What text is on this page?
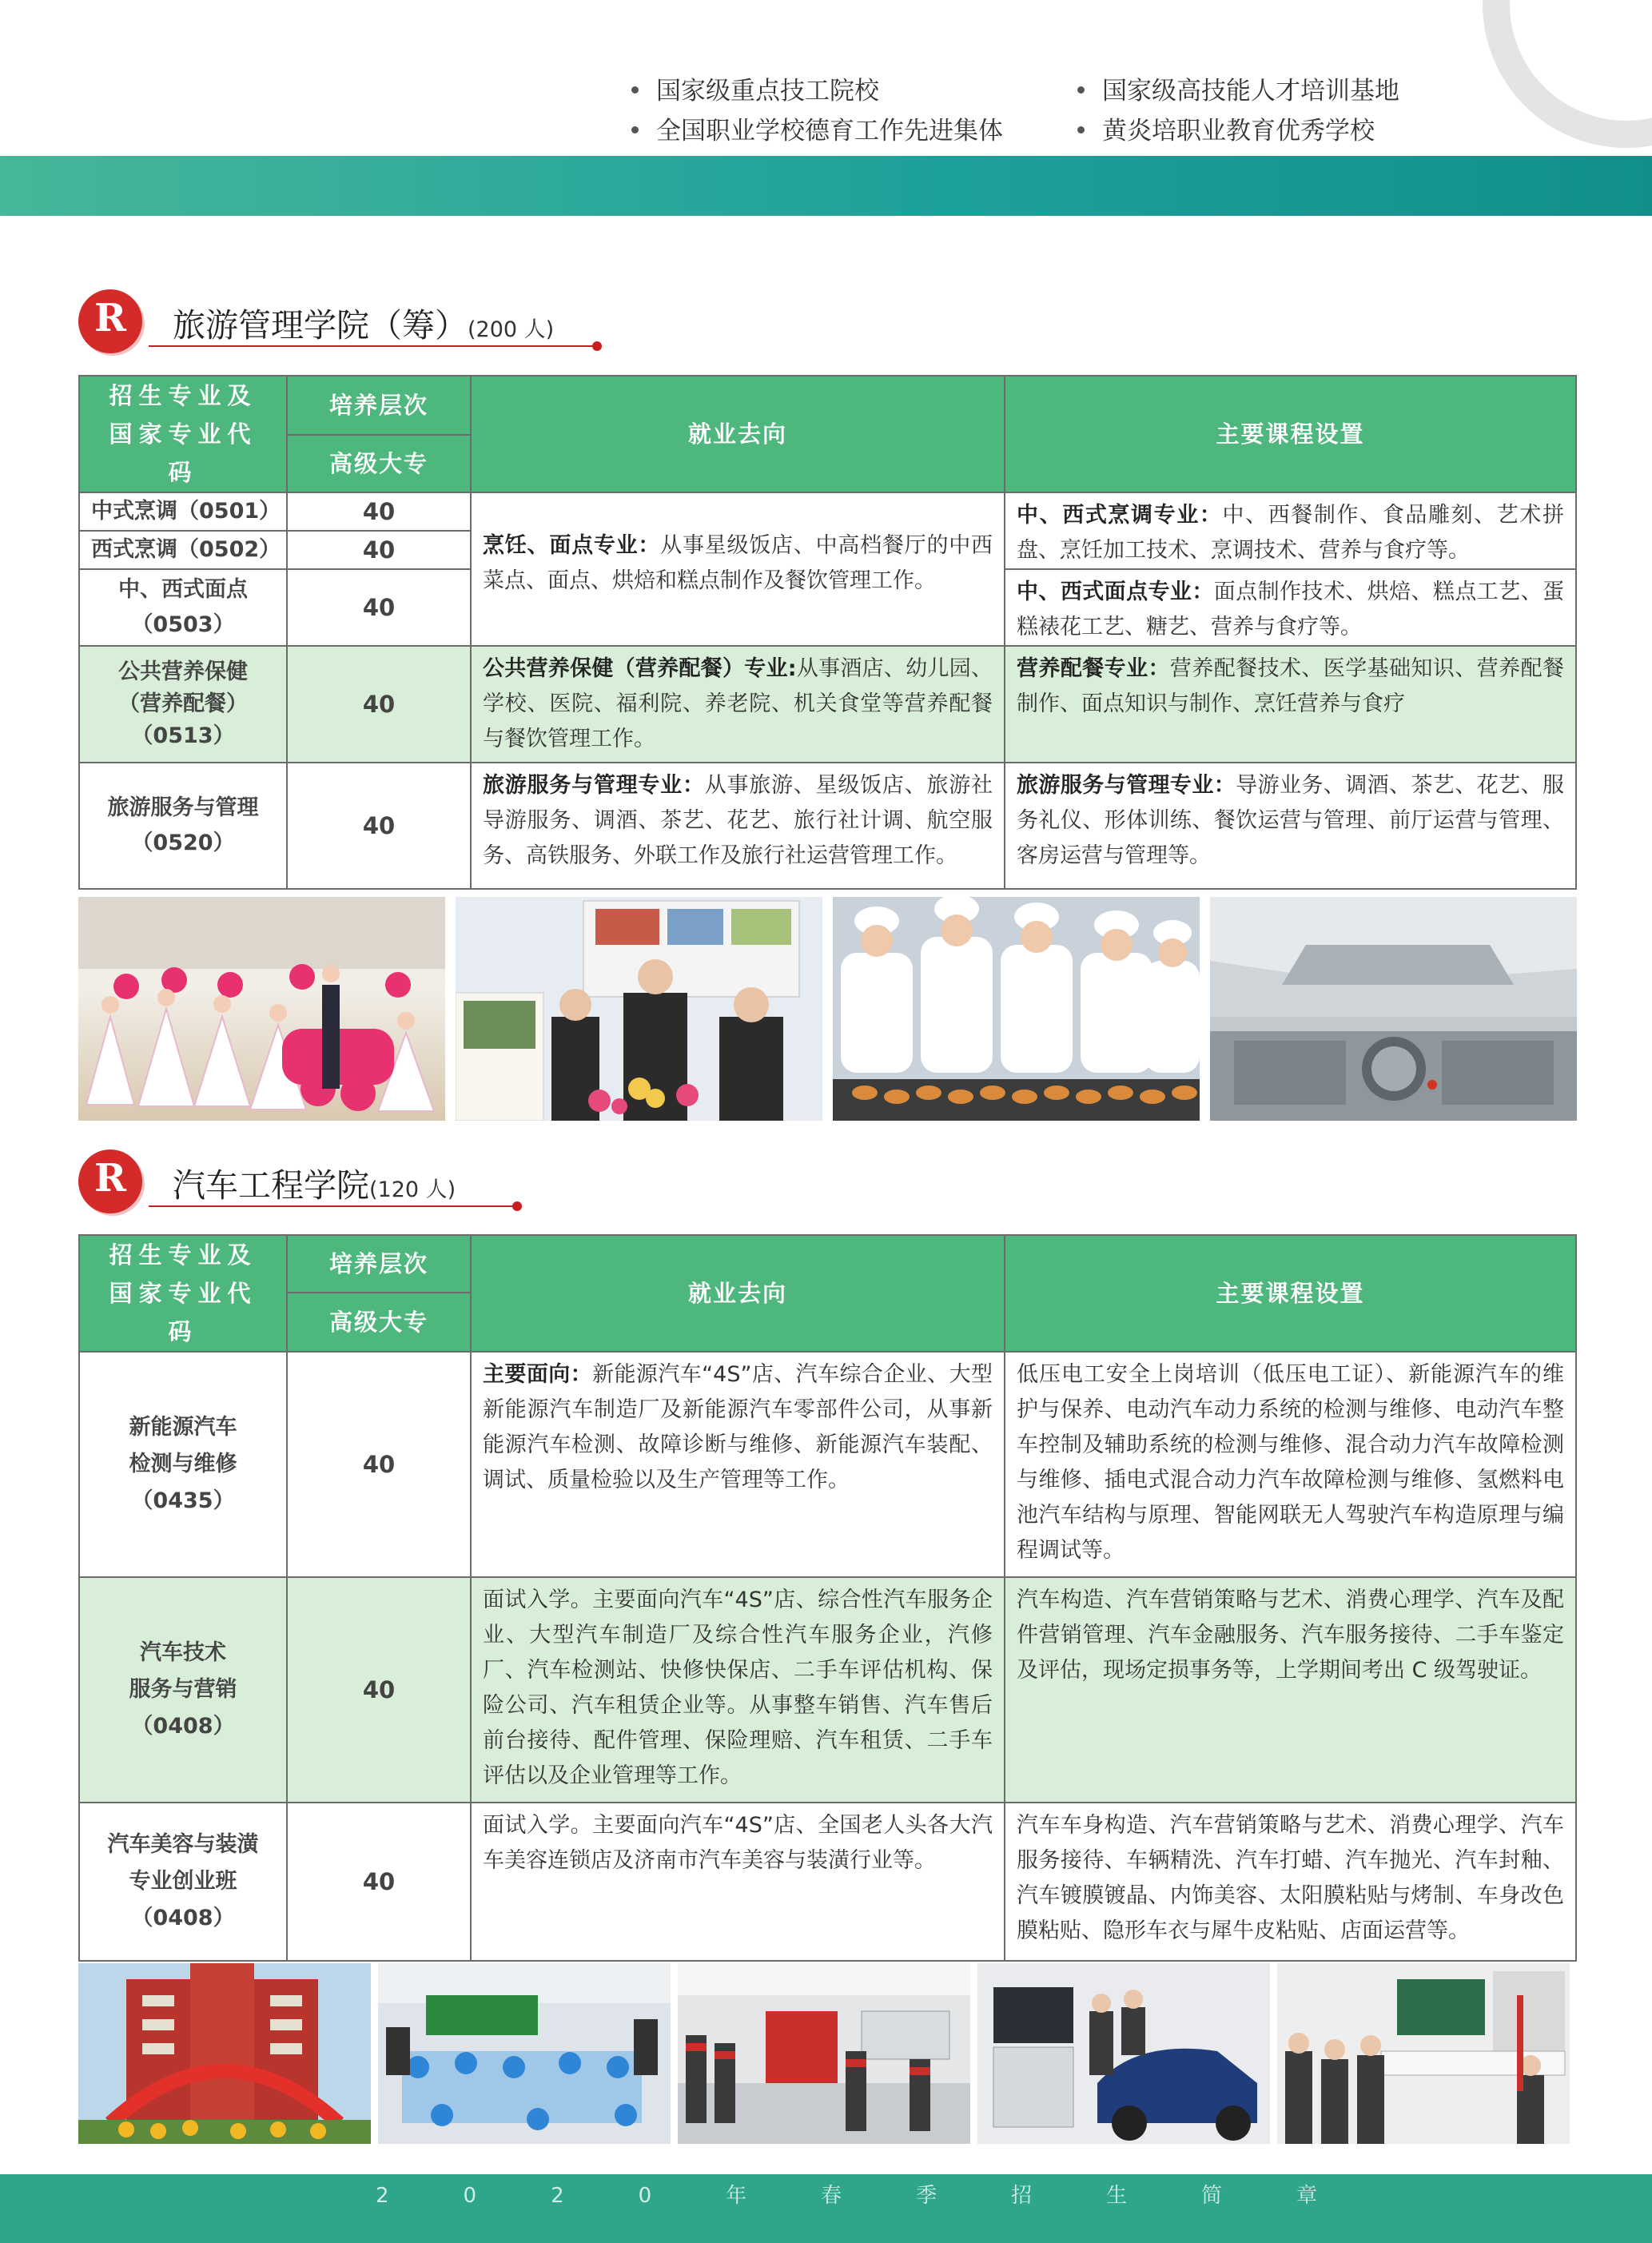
国家级重点技工院校	国家级高技能人才培训基地
全国职业学校德育工作先进集体	黄炎培职业教育优秀学校
R	旅游管理学院（筹）(200 人)
招生专业及国家专业代码	培养层次	就业去向	主要课程设置
	高级大专		
中式烹调（0501）	40	烹饪、面点专业：从事星级饭店、中高档餐厅的中西菜点、面点、烘焙和糕点制作及餐饮管理工作。	中、西式烹调专业：中、西餐制作、食品雕刻、艺术拼盘、烹饪加工技术、烹调技术、营养与食疗等。
西式烹调（0502）	40		
中、西式面点
（0503）	40		中、西式面点专业：面点制作技术、烘焙、糕点工艺、蛋糕裱花工艺、糖艺、营养与食疗等。
公共营养保健
（营养配餐）
（0513）	40	公共营养保健（营养配餐）专业:从事酒店、幼儿园、学校、医院、福利院、养老院、机关食堂等营养配餐与餐饮管理工作。	营养配餐专业：营养配餐技术、医学基础知识、营养配餐制作、面点知识与制作、烹饪营养与食疗
旅游服务与管理
（0520）	40	旅游服务与管理专业：从事旅游、星级饭店、旅游社导游服务、调酒、茶艺、花艺、旅行社计调、航空服务、高铁服务、外联工作及旅行社运营管理工作。	旅游服务与管理专业：导游业务、调酒、茶艺、花艺、服务礼仪、形体训练、餐饮运营与管理、前厅运营与管理、客房运营与管理等。
R	汽车工程学院(120 人)
招生专业及国家专业代码	培养层次	就业去向	主要课程设置
	高级大专		
新能源汽车
检测与维修
（0435）	40	主要面向：新能源汽车“4S”店、汽车综合企业、大型新能源汽车制造厂及新能源汽车零部件公司，从事新能源汽车检测、故障诊断与维修、新能源汽车装配、调试、质量检验以及生产管理等工作。	低压电工安全上岗培训（低压电工证）、新能源汽车的维护与保养、电动汽车动力系统的检测与维修、电动汽车整车控制及辅助系统的检测与维修、混合动力汽车故障检测与维修、插电式混合动力汽车故障检测与维修、氢燃料电池汽车结构与原理、智能网联无人驾驶汽车构造原理与编程调试等。
汽车技术
服务与营销
（0408）	40	面试入学。主要面向汽车“4S”店、综合性汽车服务企业、大型汽车制造厂及综合性汽车服务企业，汽修厂、汽车检测站、快修快保店、二手车评估机构、保险公司、汽车租赁企业等。从事整车销售、汽车售后前台接待、配件管理、保险理赔、汽车租赁、二手车评估以及企业管理等工作。	汽车构造、汽车营销策略与艺术、消费心理学、汽车及配件营销管理、汽车金融服务、汽车服务接待、二手车鉴定及评估，现场定损事务等，上学期间考出 C 级驾驶证。
汽车美容与装潢
专业创业班
（0408）	40	面试入学。主要面向汽车“4S”店、全国老人头各大汽车美容连锁店及济南市汽车美容与装潢行业等。	汽车车身构造、汽车营销策略与艺术、消费心理学、汽车服务接待、车辆精洗、汽车打蜡、汽车抛光、汽车封釉、汽车镀膜镀晶、内饰美容、太阳膜粘贴与烤制、车身改色膜粘贴、隐形车衣与犀牛皮粘贴、店面运营等。
2020年春季招生简章
